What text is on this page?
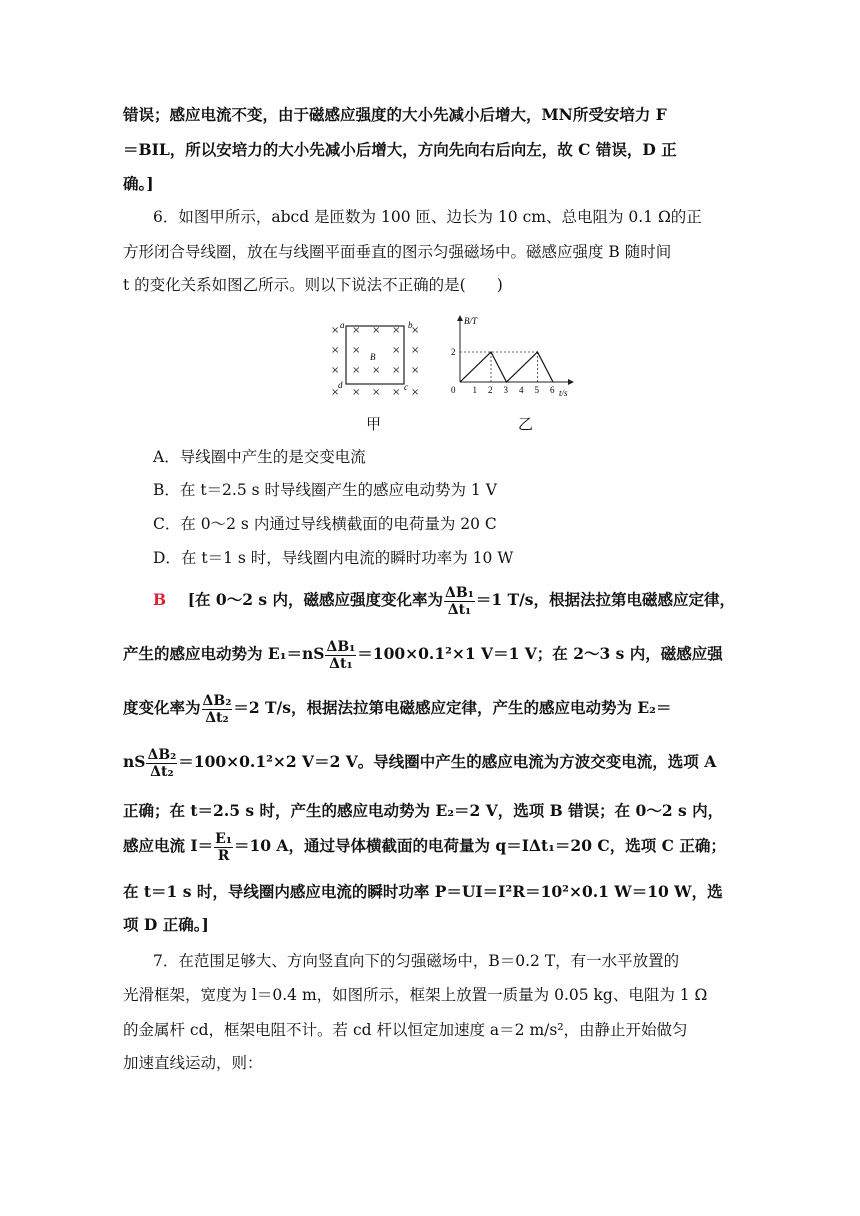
错误；感应电流不变，由于磁感应强度的大小先减小后增大，MN所受安培力 F
＝BIL，所以安培力的大小先减小后增大，方向先向右后向左，故 C 错误，D 正
确。]
6．如图甲所示，abcd 是匝数为 100 匝、边长为 10 cm、总电阻为 0.1 Ω的正
方形闭合导线圈，放在与线圈平面垂直的图示匀强磁场中。磁感应强度 B 随时间
t 的变化关系如图乙所示。则以下说法不正确的是(　　)
× × × × ×
× ×	× ×
× × × × ×
× × × × ×
a	b
c
d
B
甲
B/T
t/s
0 1 2 3 4 5 6
2
乙
A．导线圈中产生的是交变电流
B．在 t＝2.5 s 时导线圈产生的感应电动势为 1 V
C．在 0～2 s 内通过导线横截面的电荷量为 20 C
D．在 t＝1 s 时，导线圈内电流的瞬时功率为 10 W
B [在 0～2 s 内，磁感应强度变化率为 $\frac{\text{ΔB₁}}{\text{Δt₁}} =1$ T/s，根据法拉第电磁感应定律，
产生的感应电动势为 $E_1=nS \frac{\text{ΔB₁}}{\text{Δt₁}} =100\times 0.1^2\times 1$ V＝1 V；在 2～3 s 内，磁感应强
度变化率为 $\frac{\text{ΔB₂}}{\text{Δt₂}} =2$ T/s，根据法拉第电磁感应定律，产生的感应电动势为 E₂＝
nS $\frac{\text{ΔB₂}}{\text{Δt₂}} =100\times 0.1^2\times 2$ V＝2 V。导线圈中产生的感应电流为方波交变电流，选项 A
正确；在 t＝2.5 s 时，产生的感应电动势为 E₂＝2 V，选项 B 错误；在 0～2 s 内，
感应电流 $I= \frac{\text{E₁}}{R} =10$ A，通过导体横截面的电荷量为 q＝IΔt₁＝20 C，选项 C 正确；
在 t＝1 s 时，导线圈内感应电流的瞬时功率 P＝UI＝I²R＝10²×0.1 W＝10 W，选
项 D 正确。]
7．在范围足够大、方向竖直向下的匀强磁场中，B＝0.2 T，有一水平放置的
光滑框架，宽度为 l＝0.4 m，如图所示，框架上放置一质量为 0.05 kg、电阻为 1 Ω
的金属杆 cd，框架电阻不计。若 cd 杆以恒定加速度 a＝2 m/s²，由静止开始做匀
加速直线运动，则：
